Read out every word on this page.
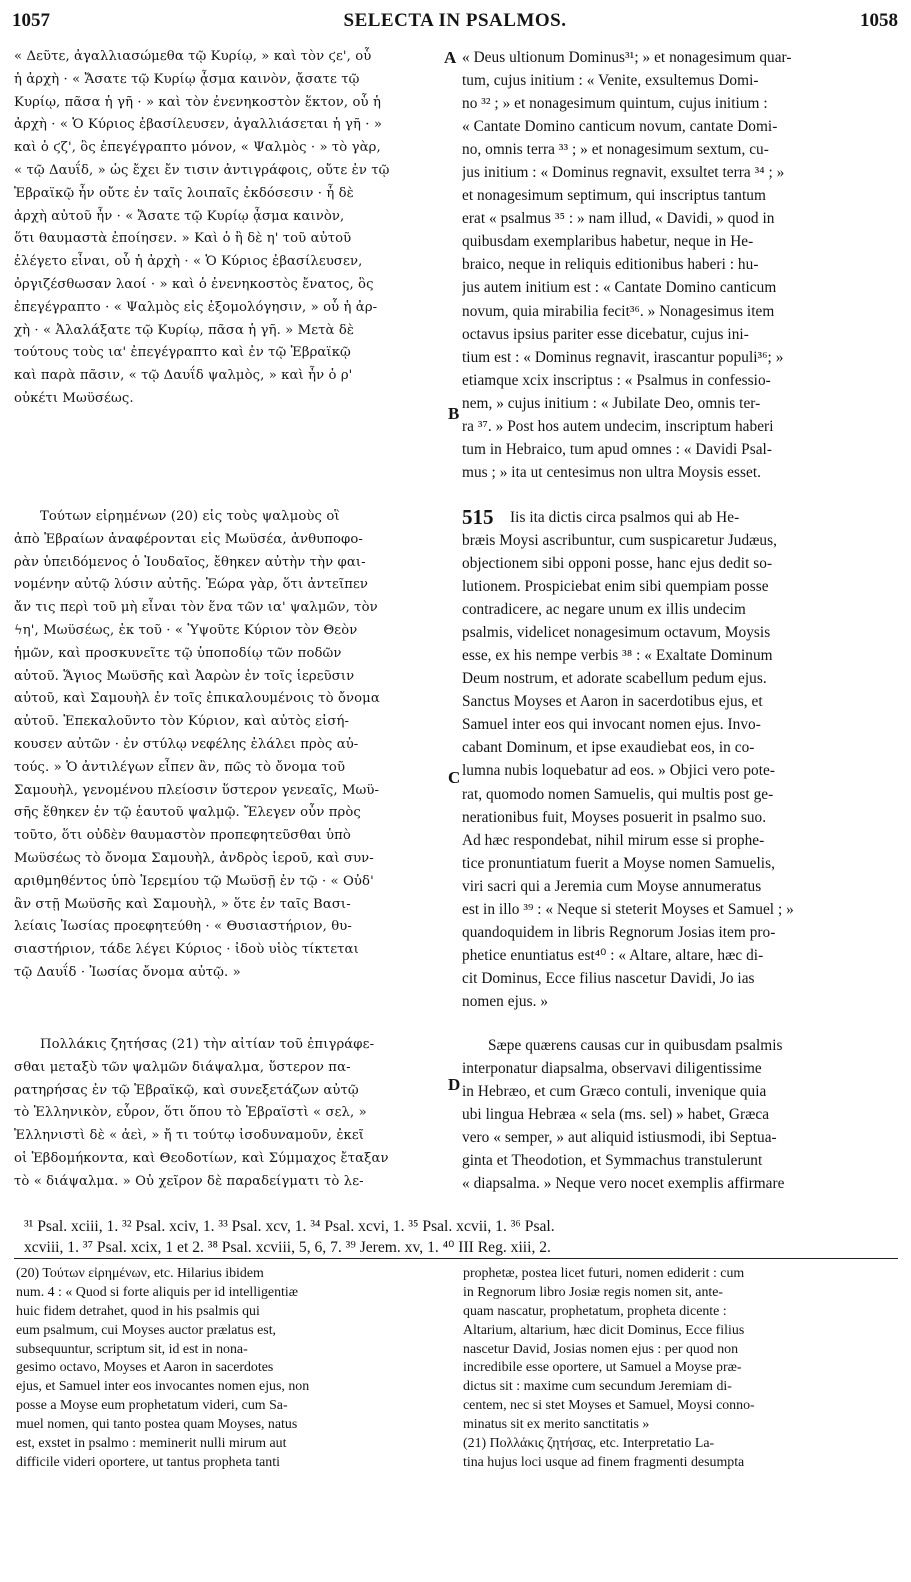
1057	SELECTA IN PSALMOS.	1058
A
B
C
D
« Δεῦτε, ἀγαλλιασώμεθα τῷ Κυρίῳ, » καὶ τὸν ϛε', οὗ
ἡ ἀρχὴ · « Ἄσατε τῷ Κυρίῳ ᾆσμα καινὸν, ᾄσατε τῷ
Κυρίῳ, πᾶσα ἡ γῆ · » καὶ τὸν ἐνενηκοστὸν ἕκτον, οὗ ἡ
ἀρχὴ · « Ὁ Κύριος ἐβασίλευσεν, ἀγαλλιάσεται ἡ γῆ · »
καὶ ὁ ϛζ', ὃς ἐπεγέγραπτο μόνον, « Ψαλμὸς · » τὸ γὰρ,
« τῷ Δαυΐδ, » ὡς ἔχει ἔν τισιν ἀντιγράφοις, οὔτε ἐν τῷ
Ἑβραϊκῷ ἦν οὔτε ἐν ταῖς λοιπαῖς ἐκδόσεσιν · ἧ δὲ
ἀρχὴ αὐτοῦ ἦν · « Ἄσατε τῷ Κυρίῳ ᾆσμα καινὸν,
ὅτι θαυμαστὰ ἐποίησεν. » Καὶ ὁ ἢ δὲ η' τοῦ αὐτοῦ
ἐλέγετο εἶναι, οὗ ἡ ἀρχὴ · « Ὁ Κύριος ἐβασίλευσεν,
ὀργιζέσθωσαν λαοί · » καὶ ὁ ἐνενηκοστὸς ἔνατος, ὃς
ἐπεγέγραπτο · « Ψαλμὸς εἰς ἐξομολόγησιν, » οὗ ἡ ἀρ-
χὴ · « Ἀλαλάξατε τῷ Κυρίῳ, πᾶσα ἡ γῆ. » Μετὰ δὲ
τούτους τοὺς ια' ἐπεγέγραπτο καὶ ἐν τῷ Ἑβραϊκῷ
καὶ παρὰ πᾶσιν, « τῷ Δαυΐδ ψαλμὸς, » καὶ ἦν ὁ ρ'
οὐκέτι Μωϋσέως.
Τούτων εἰρημένων (20) εἰς τοὺς ψαλμοὺς οἳ
ἀπὸ Ἑβραίων ἀναφέρονται εἰς Μωϋσέα, ἀνθυποφο-
ρὰν ὑπειδόμενος ὁ Ἰουδαῖος, ἔθηκεν αὐτὴν τὴν φαι-
νομένην αὐτῷ λύσιν αὐτῆς. Ἑώρα γὰρ, ὅτι ἀντεῖπεν
ἄν τις περὶ τοῦ μὴ εἶναι τὸν ἕνα τῶν ια' ψαλμῶν, τὸν
ϟη', Μωϋσέως, ἐκ τοῦ · « Ὑψοῦτε Κύριον τὸν Θεὸν
ἡμῶν, καὶ προσκυνεῖτε τῷ ὑποποδίῳ τῶν ποδῶν
αὐτοῦ. Ἅγιος Μωϋσῆς καὶ Ἀαρὼν ἐν τοῖς ἱερεῦσιν
αὐτοῦ, καὶ Σαμουὴλ ἐν τοῖς ἐπικαλουμένοις τὸ ὄνομα
αὐτοῦ. Ἐπεκαλοῦντο τὸν Κύριον, καὶ αὐτὸς εἰσή-
κουσεν αὐτῶν · ἐν στύλῳ νεφέλης ἐλάλει πρὸς αὐ-
τούς. » Ὁ ἀντιλέγων εἶπεν ἂν, πῶς τὸ ὄνομα τοῦ
Σαμουὴλ, γενομένου πλείοσιν ὕστερον γενεαῖς, Μωϋ-
σῆς ἔθηκεν ἐν τῷ ἑαυτοῦ ψαλμῷ. Ἔλεγεν οὖν πρὸς
τοῦτο, ὅτι οὐδὲν θαυμαστὸν προπεφητεῦσθαι ὑπὸ
Μωϋσέως τὸ ὄνομα Σαμουὴλ, ἀνδρὸς ἱεροῦ, καὶ συν-
αριθμηθέντος ὑπὸ Ἱερεμίου τῷ Μωϋσῇ ἐν τῷ · « Οὐδ'
ἂν στῇ Μωϋσῆς καὶ Σαμουὴλ, » ὅτε ἐν ταῖς Βασι-
λείαις Ἰωσίας προεφητεύθη · « Θυσιαστήριον, θυ-
σιαστήριον, τάδε λέγει Κύριος · ἰδοὺ υἱὸς τίκτεται
τῷ Δαυΐδ · Ἰωσίας ὄνομα αὐτῷ. »
Πολλάκις ζητήσας (21) τὴν αἰτίαν τοῦ ἐπιγράφε-
σθαι μεταξὺ τῶν ψαλμῶν διάψαλμα, ὕστερον πα-
ρατηρήσας ἐν τῷ Ἑβραϊκῷ, καὶ συνεξετάζων αὐτῷ
τὸ Ἑλληνικὸν, εὗρον, ὅτι ὅπου τὸ Ἑβραϊστὶ « σελ, »
Ἑλληνιστὶ δὲ « ἀεὶ, » ἤ τι τούτῳ ἰσοδυναμοῦν, ἐκεῖ
οἱ Ἑβδομήκοντα, καὶ Θεοδοτίων, καὶ Σύμμαχος ἔταξαν
τὸ « διάψαλμα. » Οὐ χεῖρον δὲ παραδείγματι τὸ λε-
« Deus ultionum Dominus³¹; » et nonagesimum quar-
tum, cujus initium : « Venite, exsultemus Domi-
no ³² ; » et nonagesimum quintum, cujus initium :
« Cantate Domino canticum novum, cantate Domi-
no, omnis terra ³³ ; » et nonagesimum sextum, cu-
jus initium : « Dominus regnavit, exsultet terra ³⁴ ; »
et nonagesimum septimum, qui inscriptus tantum
erat « psalmus ³⁵ : » nam illud, « Davidi, » quod in
quibusdam exemplaribus habetur, neque in He-
braico, neque in reliquis editionibus haberi : hu-
jus autem initium est : « Cantate Domino canticum
novum, quia mirabilia fecit³⁶. » Nonagesimus item
octavus ipsius pariter esse dicebatur, cujus ini-
tium est : « Dominus regnavit, irascantur populi³⁶; »
etiamque xcix inscriptus : « Psalmus in confessio-
nem, » cujus initium : « Jubilate Deo, omnis ter-
ra ³⁷. » Post hos autem undecim, inscriptum haberi
tum in Hebraico, tum apud omnes : « Davidi Psal-
mus ; » ita ut centesimus non ultra Moysis esset.
515	Iis ita dictis circa psalmos qui ab He-
bræis Moysi ascribuntur, cum suspicaretur Judæus,
objectionem sibi opponi posse, hanc ejus dedit so-
lutionem. Prospiciebat enim sibi quempiam posse
contradicere, ac negare unum ex illis undecim
psalmis, videlicet nonagesimum octavum, Moysis
esse, ex his nempe verbis ³⁸ : « Exaltate Dominum
Deum nostrum, et adorate scabellum pedum ejus.
Sanctus Moyses et Aaron in sacerdotibus ejus, et
Samuel inter eos qui invocant nomen ejus. Invo-
cabant Dominum, et ipse exaudiebat eos, in co-
lumna nubis loquebatur ad eos. » Objici vero pote-
rat, quomodo nomen Samuelis, qui multis post ge-
nerationibus fuit, Moyses posuerit in psalmo suo.
Ad hæc respondebat, nihil mirum esse si prophe-
tice pronuntiatum fuerit a Moyse nomen Samuelis,
viri sacri qui a Jeremia cum Moyse annumeratus
est in illo ³⁹ : « Neque si steterit Moyses et Samuel ; »
quandoquidem in libris Regnorum Josias item pro-
phetice enuntiatus est⁴⁰ : « Altare, altare, hæc di-
cit Dominus, Ecce filius nascetur Davidi, Jo ias
nomen ejus. »
Sæpe quærens causas cur in quibusdam psalmis
interponatur diapsalma, observavi diligentissime
in Hebræo, et cum Græco contuli, invenique quia
ubi lingua Hebræa « sela (ms. sel) » habet, Græca
vero « semper, » aut aliquid istiusmodi, ibi Septua-
ginta et Theodotion, et Symmachus transtulerunt
« diapsalma. » Neque vero nocet exemplis affirmare
³¹ Psal. xciii, 1. ³² Psal. xciv, 1. ³³ Psal. xcv, 1. ³⁴ Psal. xcvi, 1. ³⁵ Psal. xcvii, 1. ³⁶ Psal.
xcviii, 1. ³⁷ Psal. xcix, 1 et 2. ³⁸ Psal. xcviii, 5, 6, 7. ³⁹ Jerem. xv, 1. ⁴⁰ III Reg. xiii, 2.
(20) Τούτων εἰρημένων, etc. Hilarius ibidem
num. 4 : « Quod si forte aliquis per id intelligentiæ
huic fidem detrahet, quod in his psalmis qui
eum psalmum, cui Moyses auctor prælatus est,
subsequuntur, scriptum sit, id est in nona-
gesimo octavo, Moyses et Aaron in sacerdotes
ejus, et Samuel inter eos invocantes nomen ejus, non
posse a Moyse eum prophetatum videri, cum Sa-
muel nomen, qui tanto postea quam Moyses, natus
est, exstet in psalmo : meminerit nulli mirum aut
difficile videri oportere, ut tantus propheta tanti
prophetæ, postea licet futuri, nomen ediderit : cum
in Regnorum libro Josiæ regis nomen sit, ante-
quam nascatur, prophetatum, propheta dicente :
Altarium, altarium, hæc dicit Dominus, Ecce filius
nascetur David, Josias nomen ejus : per quod non
incredibile esse oportere, ut Samuel a Moyse præ-
dictus sit : maxime cum secundum Jeremiam di-
centem, nec si stet Moyses et Samuel, Moysi conno-
minatus sit ex merito sanctitatis »
(21) Πολλάκις ζητήσας, etc. Interpretatio La-
tina hujus loci usque ad finem fragmenti desumpta
